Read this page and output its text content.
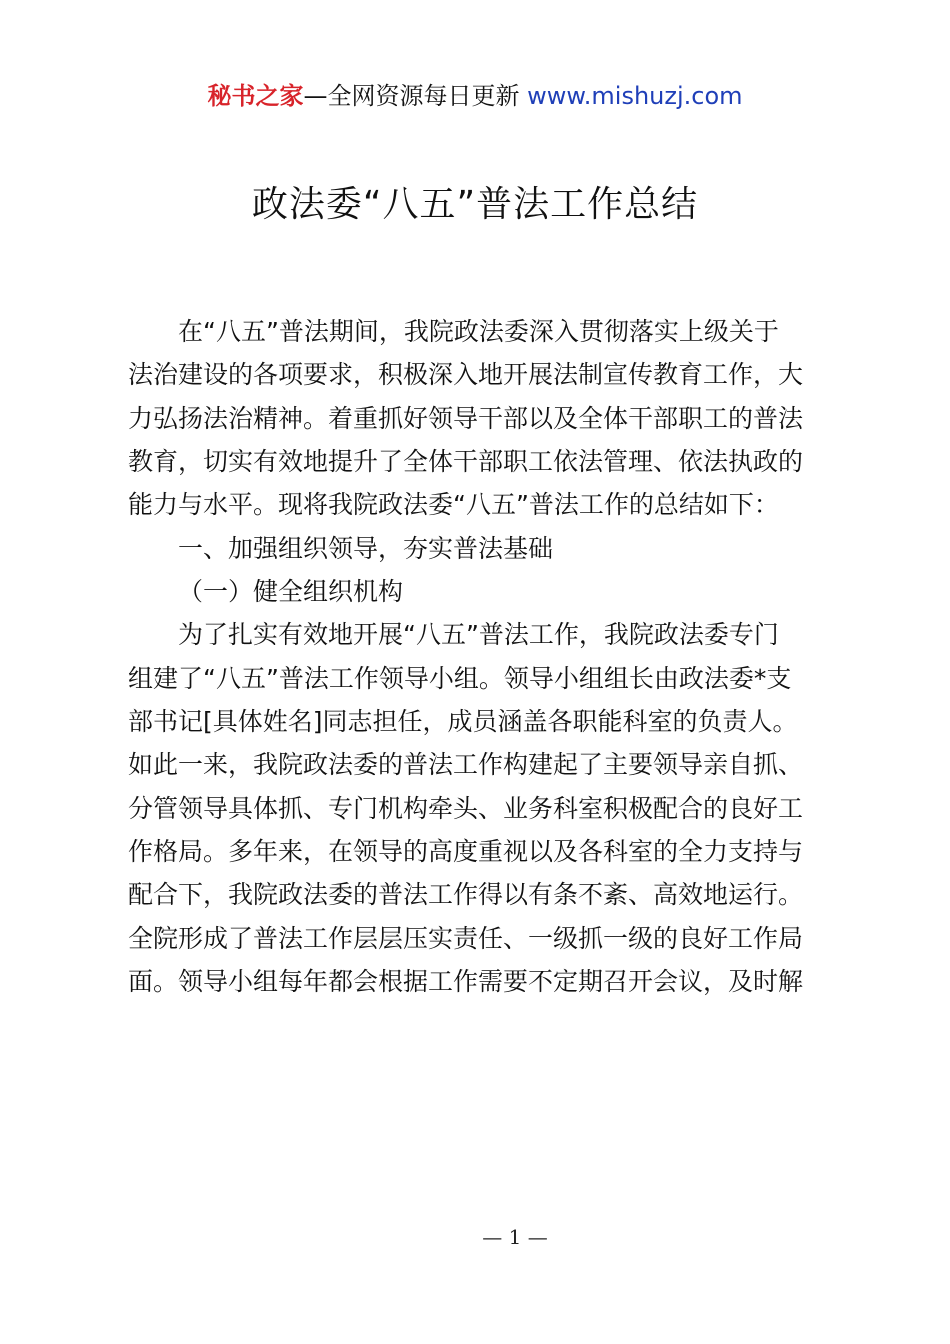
秘书之家—全网资源每日更新 www.mishuzj.com
政法委“八五”普法工作总结
在“八五”普法期间，我院政法委深入贯彻落实上级关于
法治建设的各项要求，积极深入地开展法制宣传教育工作，大
力弘扬法治精神。着重抓好领导干部以及全体干部职工的普法
教育，切实有效地提升了全体干部职工依法管理、依法执政的
能力与水平。现将我院政法委“八五”普法工作的总结如下：
一、加强组织领导，夯实普法基础
（一）健全组织机构
为了扎实有效地开展“八五”普法工作，我院政法委专门
组建了“八五”普法工作领导小组。领导小组组长由政法委*支
部书记[具体姓名]同志担任，成员涵盖各职能科室的负责人。
如此一来，我院政法委的普法工作构建起了主要领导亲自抓、
分管领导具体抓、专门机构牵头、业务科室积极配合的良好工
作格局。多年来，在领导的高度重视以及各科室的全力支持与
配合下，我院政法委的普法工作得以有条不紊、高效地运行。
全院形成了普法工作层层压实责任、一级抓一级的良好工作局
面。领导小组每年都会根据工作需要不定期召开会议，及时解
— 1 —
